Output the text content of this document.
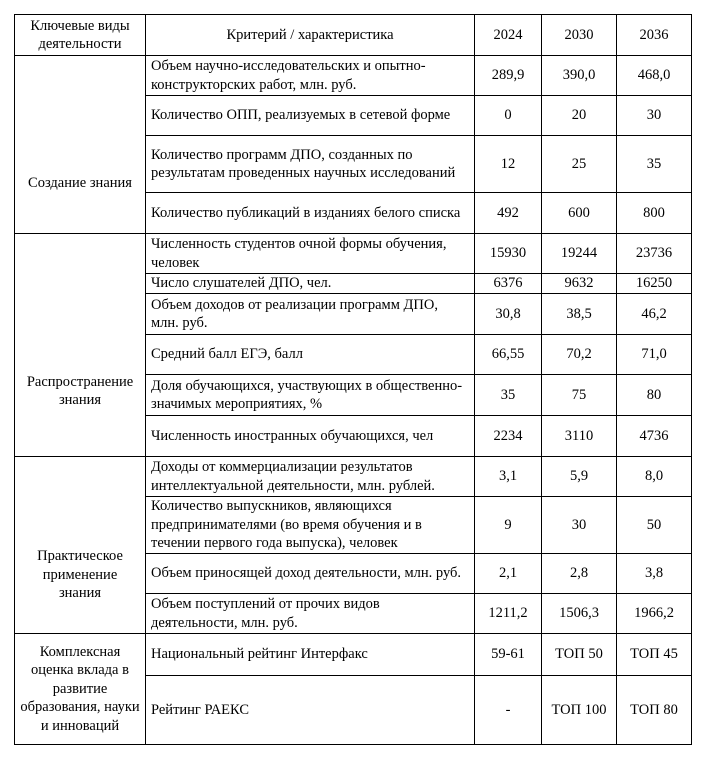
Ключевые виды деятельности	Критерий / характеристика	2024	2030	2036
Создание знания	Объем научно-исследовательских и опытно-конструкторских работ, млн. руб.	289,9	390,0	468,0
	Количество ОПП, реализуемых в сетевой форме	0	20	30
	Количество программ ДПО, созданных по результатам проведенных научных исследований	12	25	35
	Количество публикаций в изданиях белого списка	492	600	800
Распространение знания	Численность студентов очной формы обучения, человек	15930	19244	23736
	Число слушателей ДПО, чел.	6376	9632	16250
	Объем доходов от реализации программ ДПО, млн. руб.	30,8	38,5	46,2
	Средний балл ЕГЭ, балл	66,55	70,2	71,0
	Доля обучающихся, участвующих в общественно-значимых мероприятиях, %	35	75	80
	Численность иностранных обучающихся, чел	2234	3110	4736
Практическое применение знания	Доходы от коммерциализации результатов интеллектуальной деятельности, млн. рублей.	3,1	5,9	8,0
	Количество выпускников, являющихся предпринимателями (во время обучения и в течении первого года выпуска), человек	9	30	50
	Объем приносящей доход деятельности, млн. руб.	2,1	2,8	3,8
	Объем поступлений от прочих видов деятельности, млн. руб.	1211,2	1506,3	1966,2
Комплексная оценка вклада в развитие образования, науки и инноваций	Национальный рейтинг Интерфакс	59-61	ТОП 50	ТОП 45
	Рейтинг РАЕКС	-	ТОП 100	ТОП 80
